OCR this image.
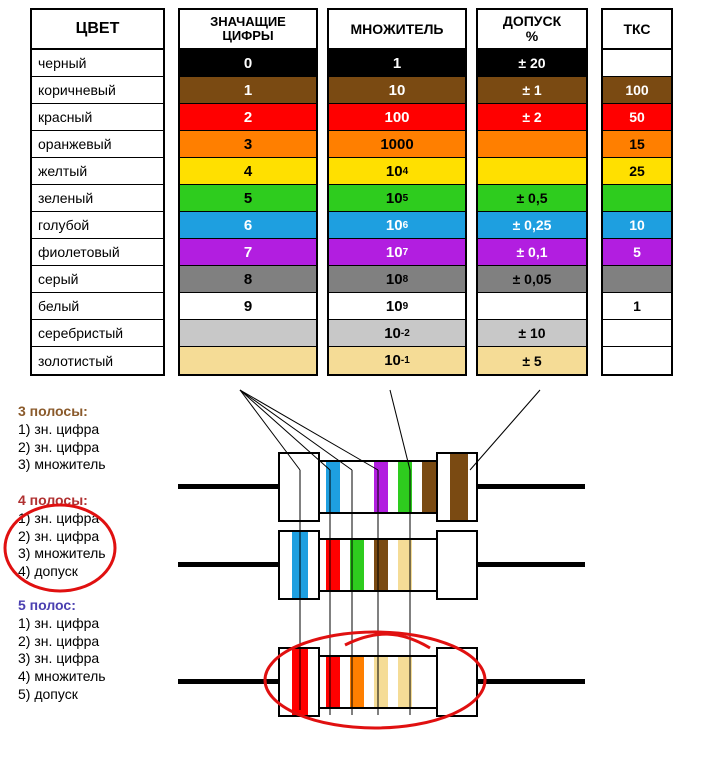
ЦВЕТ
черный
коричневый
красный
оранжевый
желтый
зеленый
голубой
фиолетовый
серый
белый
серебристый
золотистый
ЗНАЧАЩИЕ
ЦИФРЫ
0
1
2
3
4
5
6
7
8
9
МНОЖИТЕЛЬ
1
10
100
1000
10 4
10 5
10 6
10 7
10 8
10 9
10 -2
10 -1
ДОПУСК
%
± 20
± 1
± 2
± 0,5
± 0,25
± 0,1
± 0,05
± 10
± 5
ТКС
100
50
15
25
10
5
1
3 полосы:
1) зн. цифра
2) зн. цифра
3) множитель
4 полосы:
1) зн. цифра
2) зн. цифра
3) множитель
4) допуск
5 полос:
1) зн. цифра
2) зн. цифра
3) зн. цифра
4) множитель
5) допуск
